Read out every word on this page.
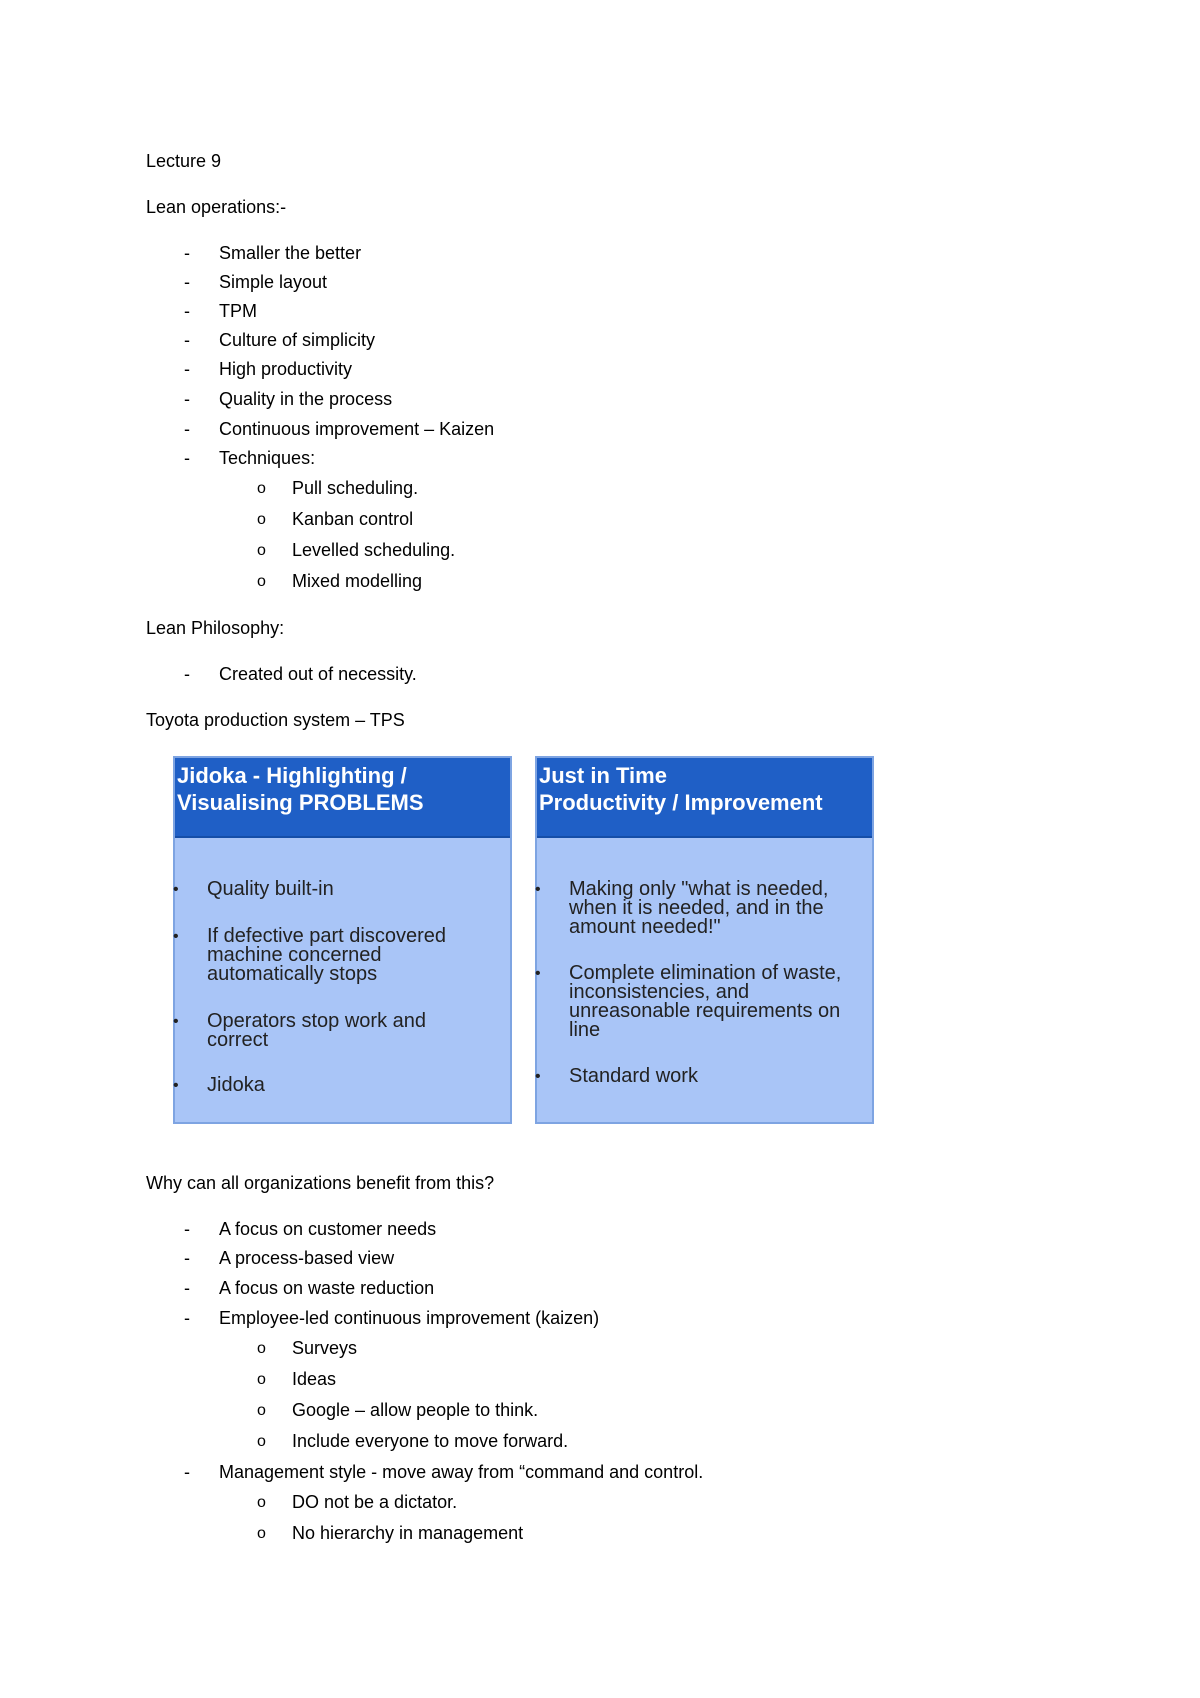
Lecture 9
Lean operations:-
- Smaller the better
- Simple layout
- TPM
- Culture of simplicity
- High productivity
- Quality in the process
- Continuous improvement – Kaizen
- Techniques:
o Pull scheduling.
o Kanban control
o Levelled scheduling.
o Mixed modelling
Lean Philosophy:
- Created out of necessity.
Toyota production system – TPS
Jidoka - Highlighting /
Visualising PROBLEMS
• Quality built-in
• If defective part discovered machine concerned automatically stops
• Operators stop work and correct
• Jidoka
Just in Time
Productivity / Improvement
• Making only "what is needed, when it is needed, and in the amount needed!"
• Complete elimination of waste, inconsistencies, and unreasonable requirements on line
• Standard work
Why can all organizations benefit from this?
- A focus on customer needs
- A process-based view
- A focus on waste reduction
- Employee-led continuous improvement (kaizen)
o Surveys
o Ideas
o Google – allow people to think.
o Include everyone to move forward.
- Management style - move away from “command and control.
o DO not be a dictator.
o No hierarchy in management
